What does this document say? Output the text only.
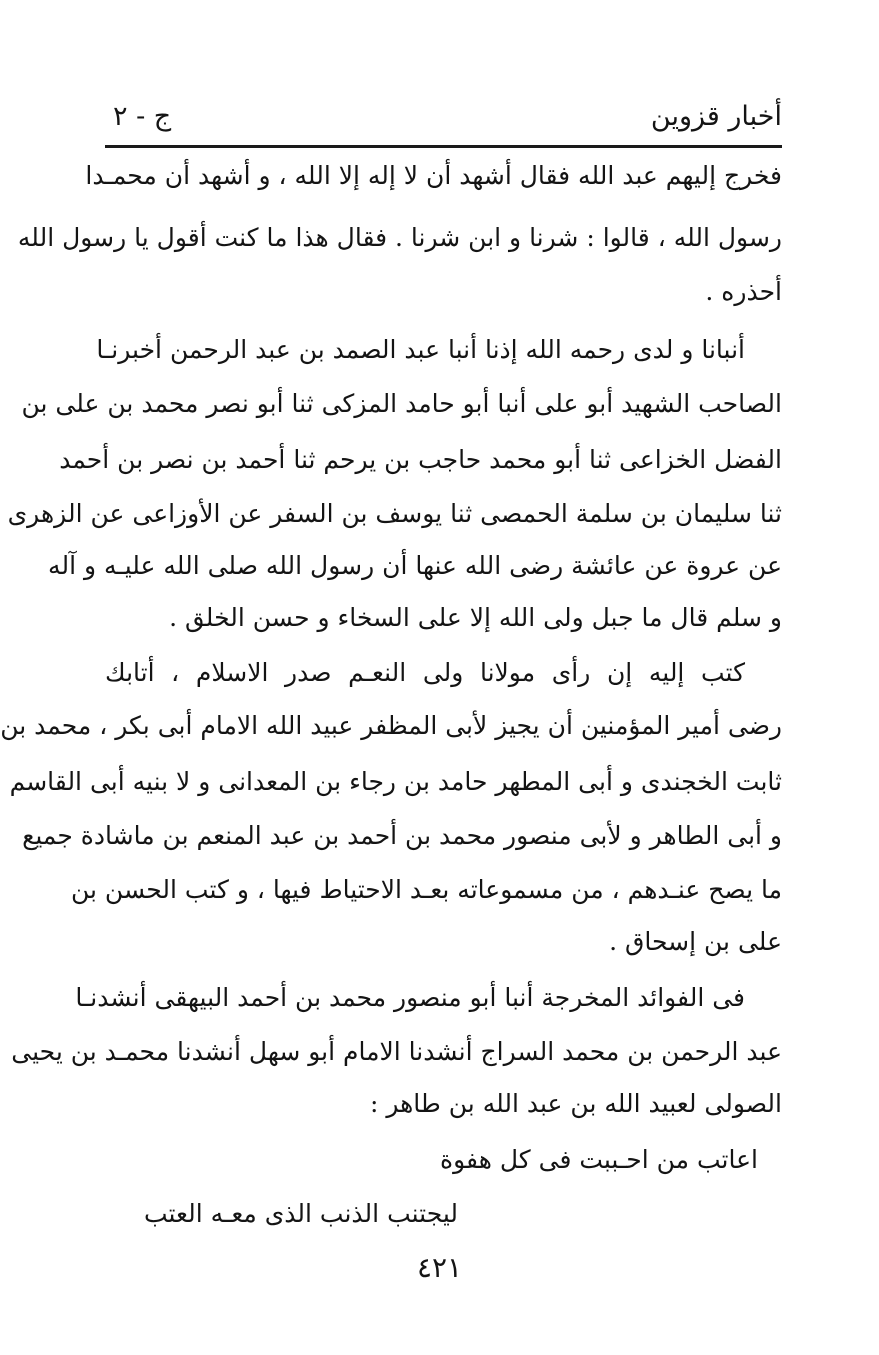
أخبار قزوين
ج - ٢
فخرج إليهم عبد الله فقال أشهد أن لا إله إلا الله ، و أشهد أن محمـدا
رسول الله ، قالوا : شرنا و ابن شرنا . فقال هذا ما كنت أقول يا رسول الله
أحذره .
أنبانا و لدى رحمه الله إذنا أنبا عبد الصمد بن عبد الرحمن أخبرنـا
الصاحب الشهيد أبو على أنبا أبو حامد المزكى ثنا أبو نصر محمد بن على بن
الفضل الخزاعى ثنا أبو محمد حاجب بن يرحم ثنا أحمد بن نصر بن أحمد
ثنا سليمان بن سلمة الحمصى ثنا يوسف بن السفر عن الأوزاعى عن الزهرى
عن عروة عن عائشة رضى الله عنها أن رسول الله صلى الله عليـه و آله
و سلم قال ما جبل ولى الله إلا على السخاء و حسن الخلق .
كتب إليه إن رأى مولانا ولى النعـم صدر الاسلام ، أتابك
رضى أمير المؤمنين أن يجيز لأبى المظفر عبيد الله الامام أبى بكر ، محمد بن
ثابت الخجندى و أبى المطهر حامد بن رجاء بن المعدانى و لا بنيه أبى القاسم
و أبى الطاهر و لأبى منصور محمد بن أحمد بن عبد المنعم بن ماشادة جميع
ما يصح عنـدهم ، من مسموعاته بعـد الاحتياط فيها ، و كتب الحسن بن
على بن إسحاق .
فى الفوائد المخرجة أنبا أبو منصور محمد بن أحمد البيهقى أنشدنـا
عبد الرحمن بن محمد السراج أنشدنا الامام أبو سهل أنشدنا محمـد بن يحيى
الصولى لعبيد الله بن عبد الله بن طاهر :
اعاتب من احـببت فى كل هفوة
ليجتنب الذنب الذى معـه العتب
٤٢١
